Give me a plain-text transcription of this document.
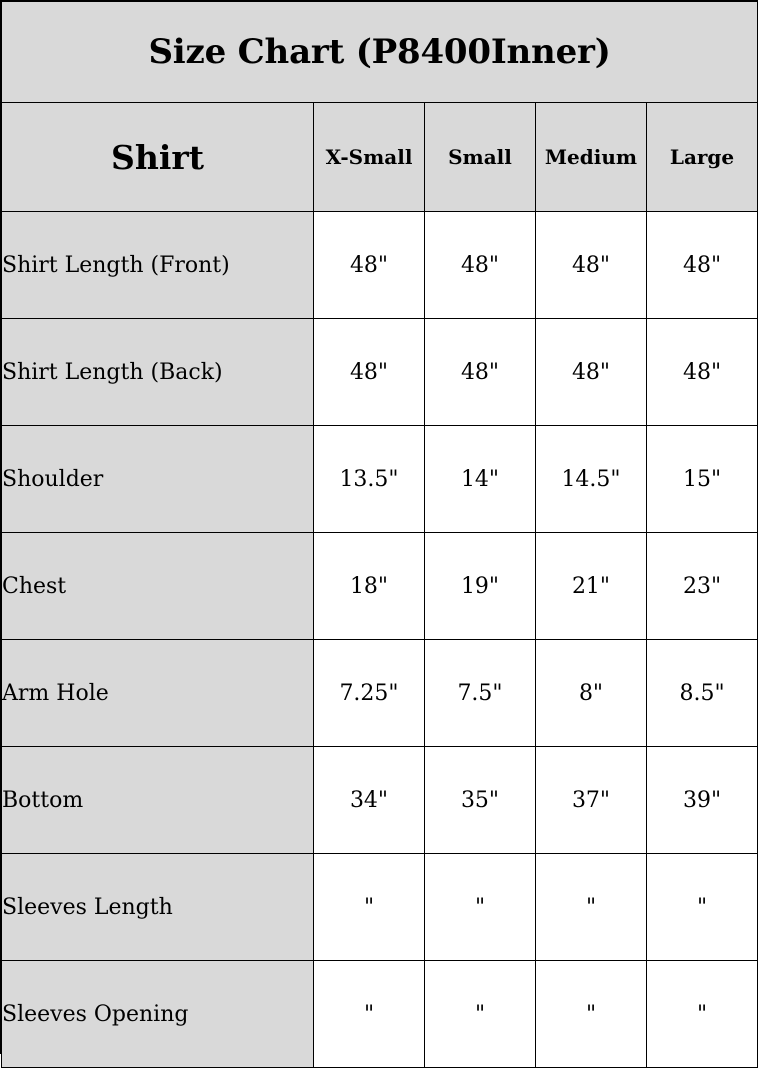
Size Chart (P8400Inner)				
Shirt	X-Small	Small	Medium	Large
Shirt Length (Front)	48"	48"	48"	48"
Shirt Length (Back)	48"	48"	48"	48"
Shoulder	13.5"	14"	14.5"	15"
Chest	18"	19"	21"	23"
Arm Hole	7.25"	7.5"	8"	8.5"
Bottom	34"	35"	37"	39"
Sleeves Length	"	"	"	"
Sleeves Opening	"	"	"	"
